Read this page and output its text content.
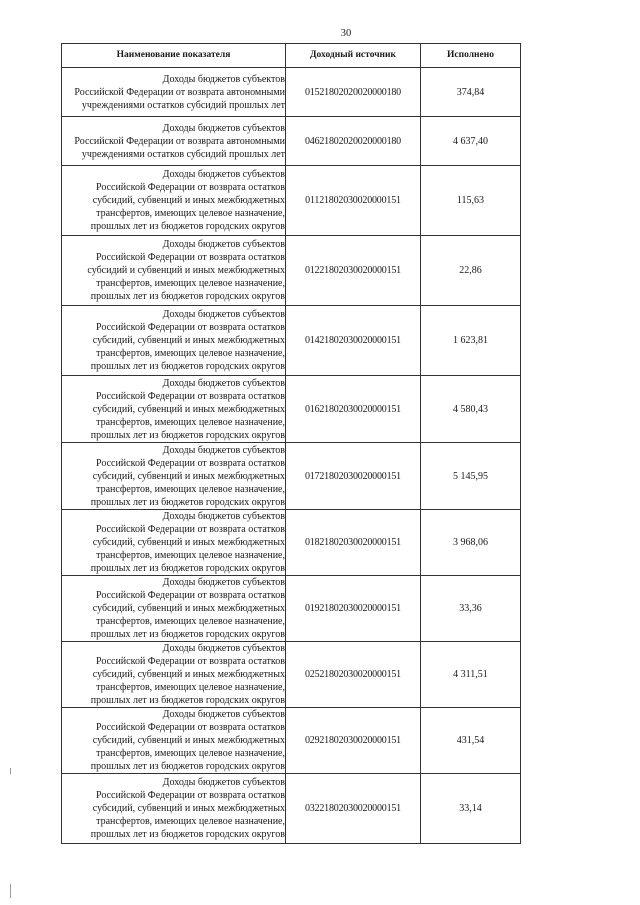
30
Наименование показателя	Доходный источник	Исполнено
Доходы бюджетов субъектов
Российской Федерации от возврата автономными
учреждениями остатков субсидий прошлых лет	01521802020020000180	374,84
Доходы бюджетов субъектов
Российской Федерации от возврата автономными
учреждениями остатков субсидий прошлых лет	04621802020020000180	4 637,40
Доходы бюджетов субъектов
Российской Федерации от возврата остатков
субсидий, субвенций и иных межбюджетных
трансфертов, имеющих целевое назначение,
прошлых лет из бюджетов городских округов	01121802030020000151	115,63
Доходы бюджетов субъектов
Российской Федерации от возврата остатков
субсидий и субвенций и иных межбюджетных
трансфертов, имеющих целевое назначение,
прошлых лет из бюджетов городских округов	01221802030020000151	22,86
Доходы бюджетов субъектов
Российской Федерации от возврата остатков
субсидий, субвенций и иных межбюджетных
трансфертов, имеющих целевое назначение,
прошлых лет из бюджетов городских округов	01421802030020000151	1 623,81
Доходы бюджетов субъектов
Российской Федерации от возврата остатков
субсидий, субвенций и иных межбюджетных
трансфертов, имеющих целевое назначение,
прошлых лет из бюджетов городских округов	01621802030020000151	4 580,43
Доходы бюджетов субъектов
Российской Федерации от возврата остатков
субсидий, субвенций и иных межбюджетных
трансфертов, имеющих целевое назначение,
прошлых лет из бюджетов городских округов	01721802030020000151	5 145,95
Доходы бюджетов субъектов
Российской Федерации от возврата остатков
субсидий, субвенций и иных межбюджетных
трансфертов, имеющих целевое назначение,
прошлых лет из бюджетов городских округов	01821802030020000151	3 968,06
Доходы бюджетов субъектов
Российской Федерации от возврата остатков
субсидий, субвенций и иных межбюджетных
трансфертов, имеющих целевое назначение,
прошлых лет из бюджетов городских округов	01921802030020000151	33,36
Доходы бюджетов субъектов
Российской Федерации от возврата остатков
субсидий, субвенций и иных межбюджетных
трансфертов, имеющих целевое назначение,
прошлых лет из бюджетов городских округов	02521802030020000151	4 311,51
Доходы бюджетов субъектов
Российской Федерации от возврата остатков
субсидий, субвенций и иных межбюджетных
трансфертов, имеющих целевое назначение,
прошлых лет из бюджетов городских округов	02921802030020000151	431,54
Доходы бюджетов субъектов
Российской Федерации от возврата остатков
субсидий, субвенций и иных межбюджетных
трансфертов, имеющих целевое назначение,
прошлых лет из бюджетов городских округов	03221802030020000151	33,14
